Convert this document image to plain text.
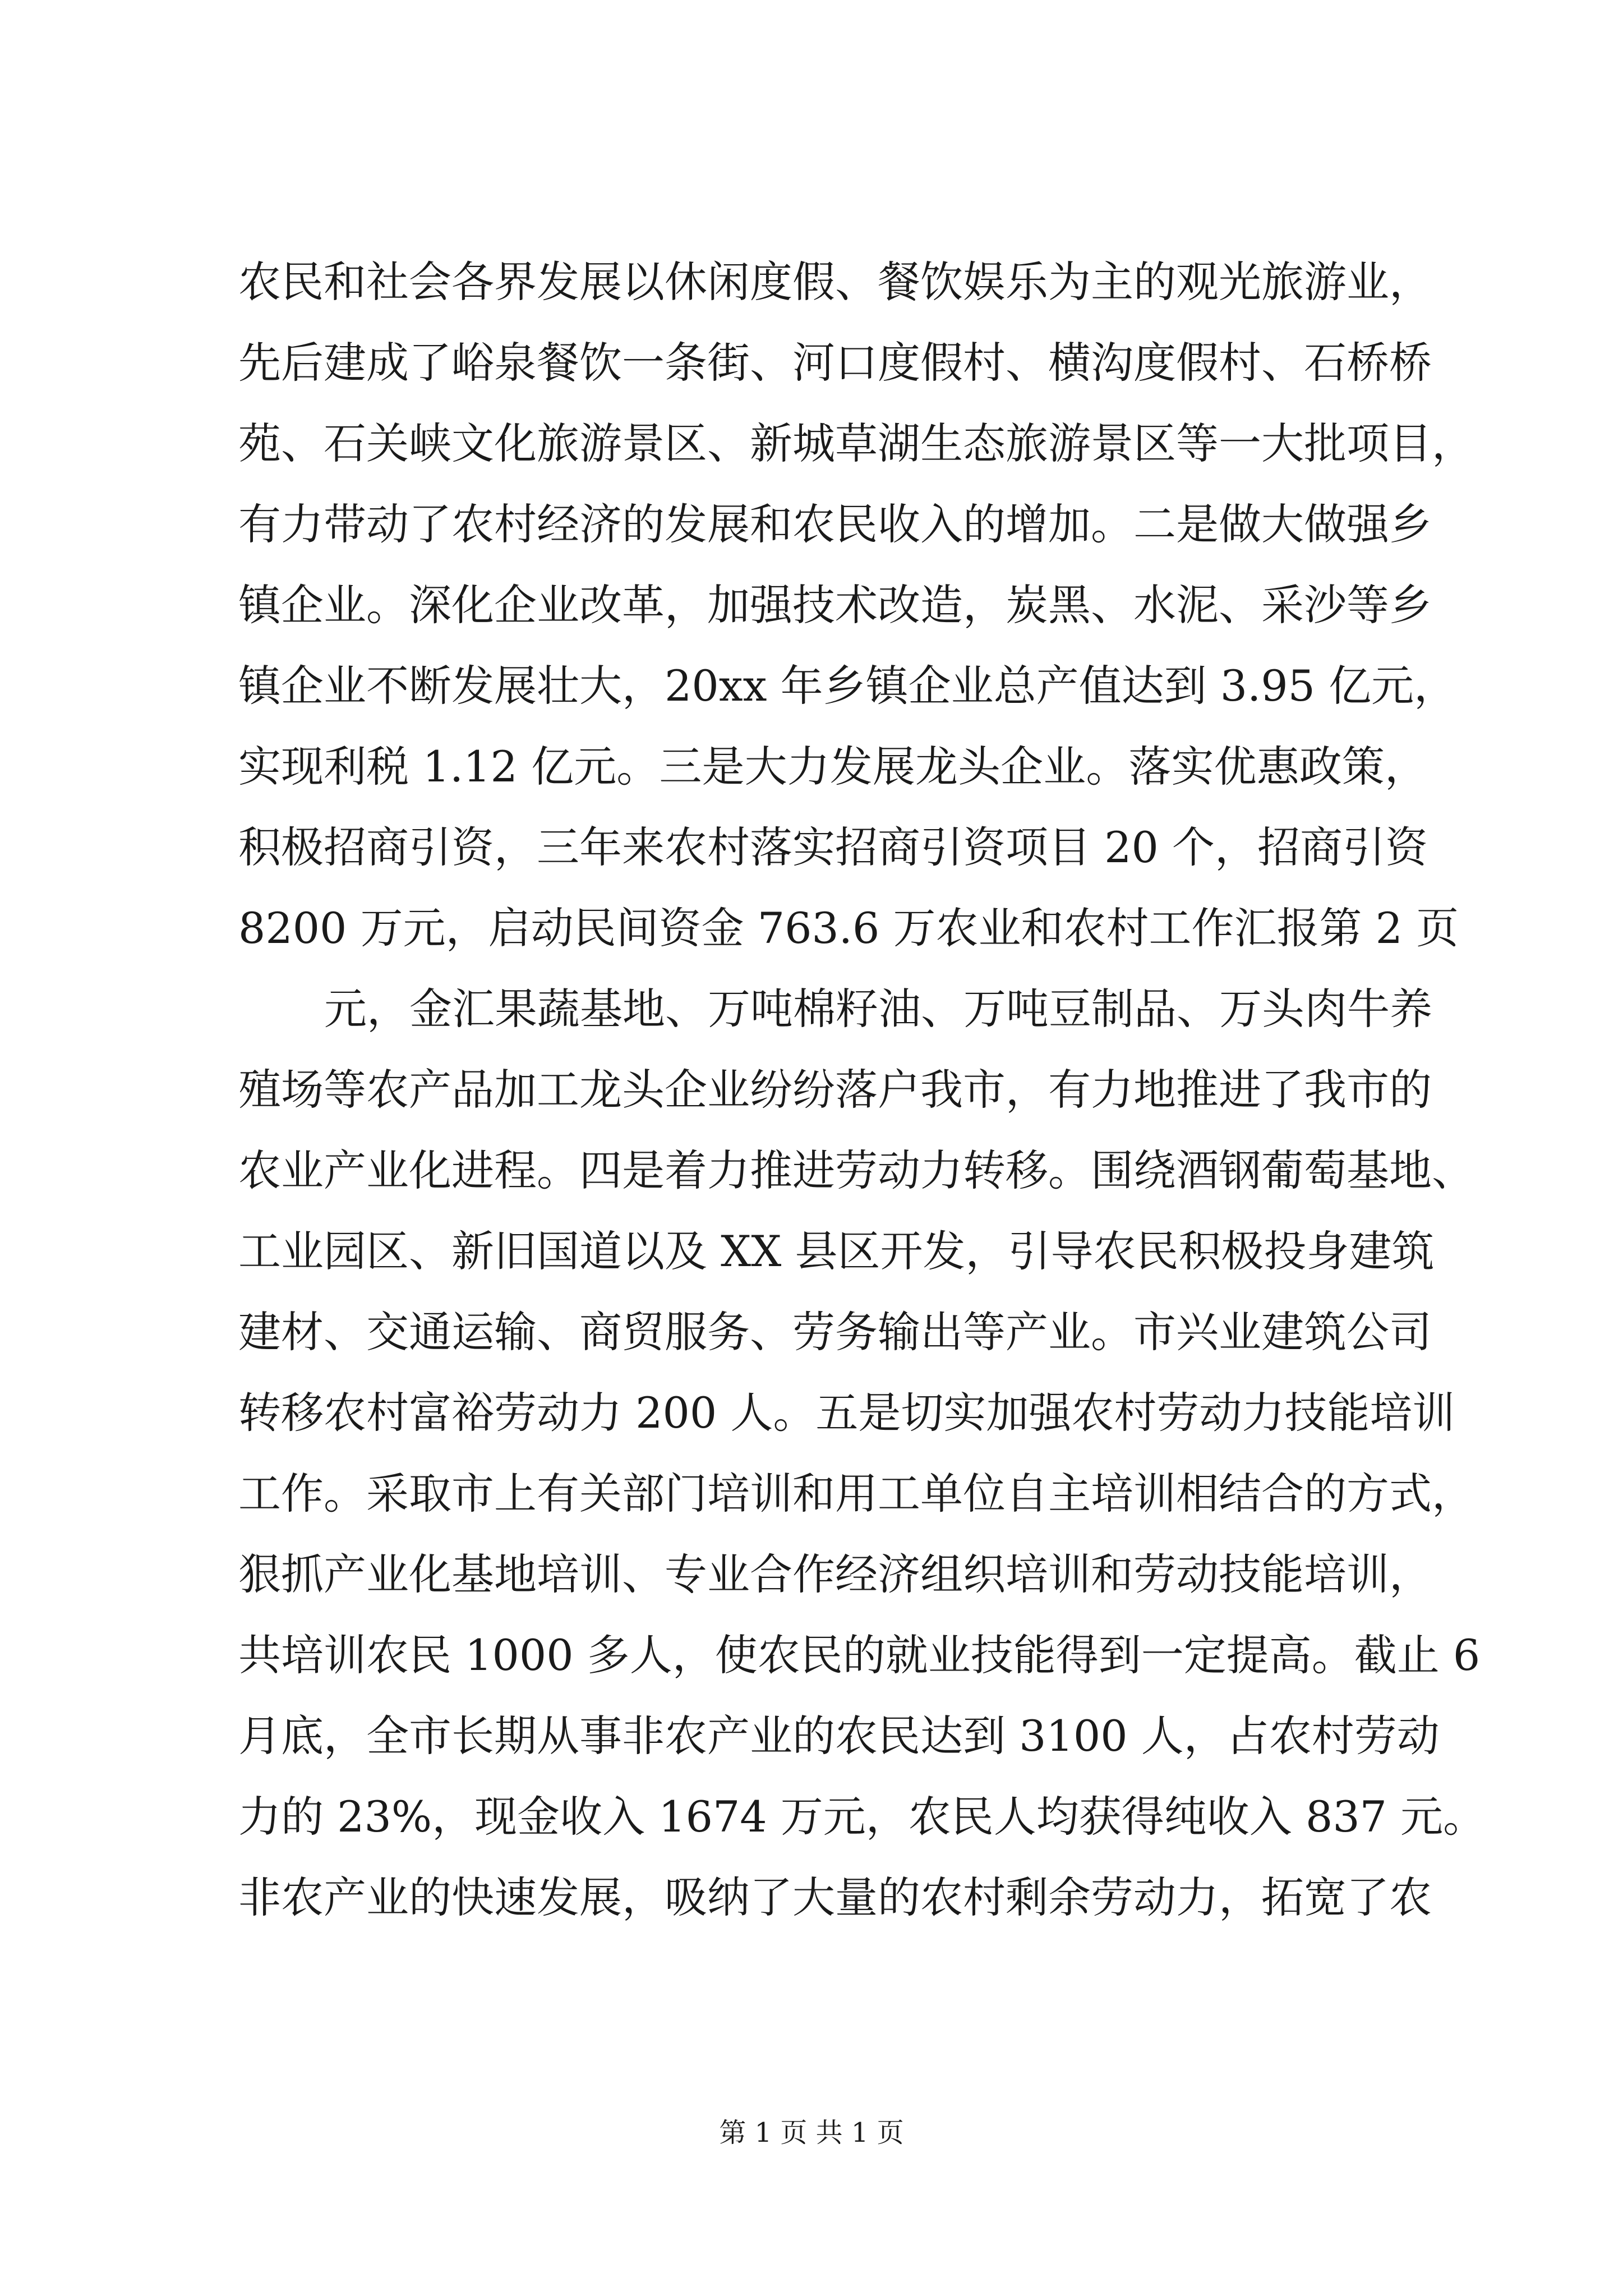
农民和社会各界发展以休闲度假、餐饮娱乐为主的观光旅游业，
先后建成了峪泉餐饮一条街、河口度假村、横沟度假村、石桥桥
苑、石关峡文化旅游景区、新城草湖生态旅游景区等一大批项目，
有力带动了农村经济的发展和农民收入的增加。二是做大做强乡
镇企业。深化企业改革，加强技术改造，炭黑、水泥、采沙等乡
镇企业不断发展壮大，20xx 年乡镇企业总产值达到 3.95 亿元，
实现利税 1.12 亿元。三是大力发展龙头企业。落实优惠政策，
积极招商引资，三年来农村落实招商引资项目 20 个，招商引资
8200 万元，启动民间资金 763.6 万农业和农村工作汇报第 2 页
元，金汇果蔬基地、万吨棉籽油、万吨豆制品、万头肉牛养
殖场等农产品加工龙头企业纷纷落户我市，有力地推进了我市的
农业产业化进程。四是着力推进劳动力转移。围绕酒钢葡萄基地、
工业园区、新旧国道以及 XX 县区开发，引导农民积极投身建筑
建材、交通运输、商贸服务、劳务输出等产业。市兴业建筑公司
转移农村富裕劳动力 200 人。五是切实加强农村劳动力技能培训
工作。采取市上有关部门培训和用工单位自主培训相结合的方式，
狠抓产业化基地培训、专业合作经济组织培训和劳动技能培训，
共培训农民 1000 多人，使农民的就业技能得到一定提高。截止 6
月底，全市长期从事非农产业的农民达到 3100 人，占农村劳动
力的 23%，现金收入 1674 万元，农民人均获得纯收入 837 元。
非农产业的快速发展，吸纳了大量的农村剩余劳动力，拓宽了农
第 1 页 共 1 页
